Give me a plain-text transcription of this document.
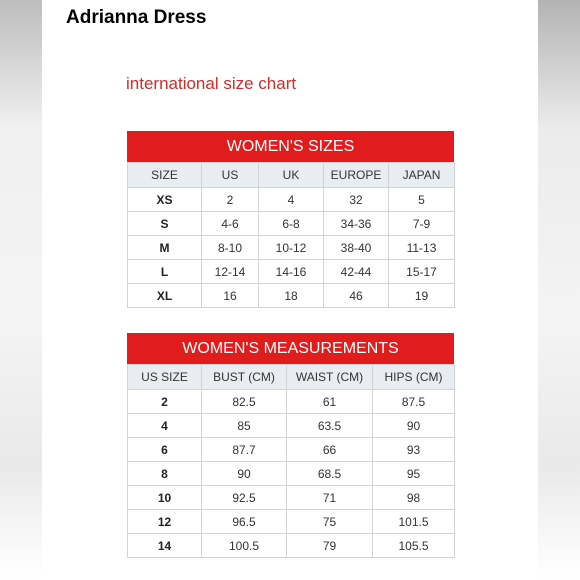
Adrianna Dress
international size chart
WOMEN'S SIZES
SIZE	US	UK	EUROPE	JAPAN
XS	2	4	32	5
S	4-6	6-8	34-36	7-9
M	8-10	10-12	38-40	11-13
L	12-14	14-16	42-44	15-17
XL	16	18	46	19
WOMEN'S MEASUREMENTS
US SIZE	BUST (CM)	WAIST (CM)	HIPS (CM)
2	82.5	61	87.5
4	85	63.5	90
6	87.7	66	93
8	90	68.5	95
10	92.5	71	98
12	96.5	75	101.5
14	100.5	79	105.5
